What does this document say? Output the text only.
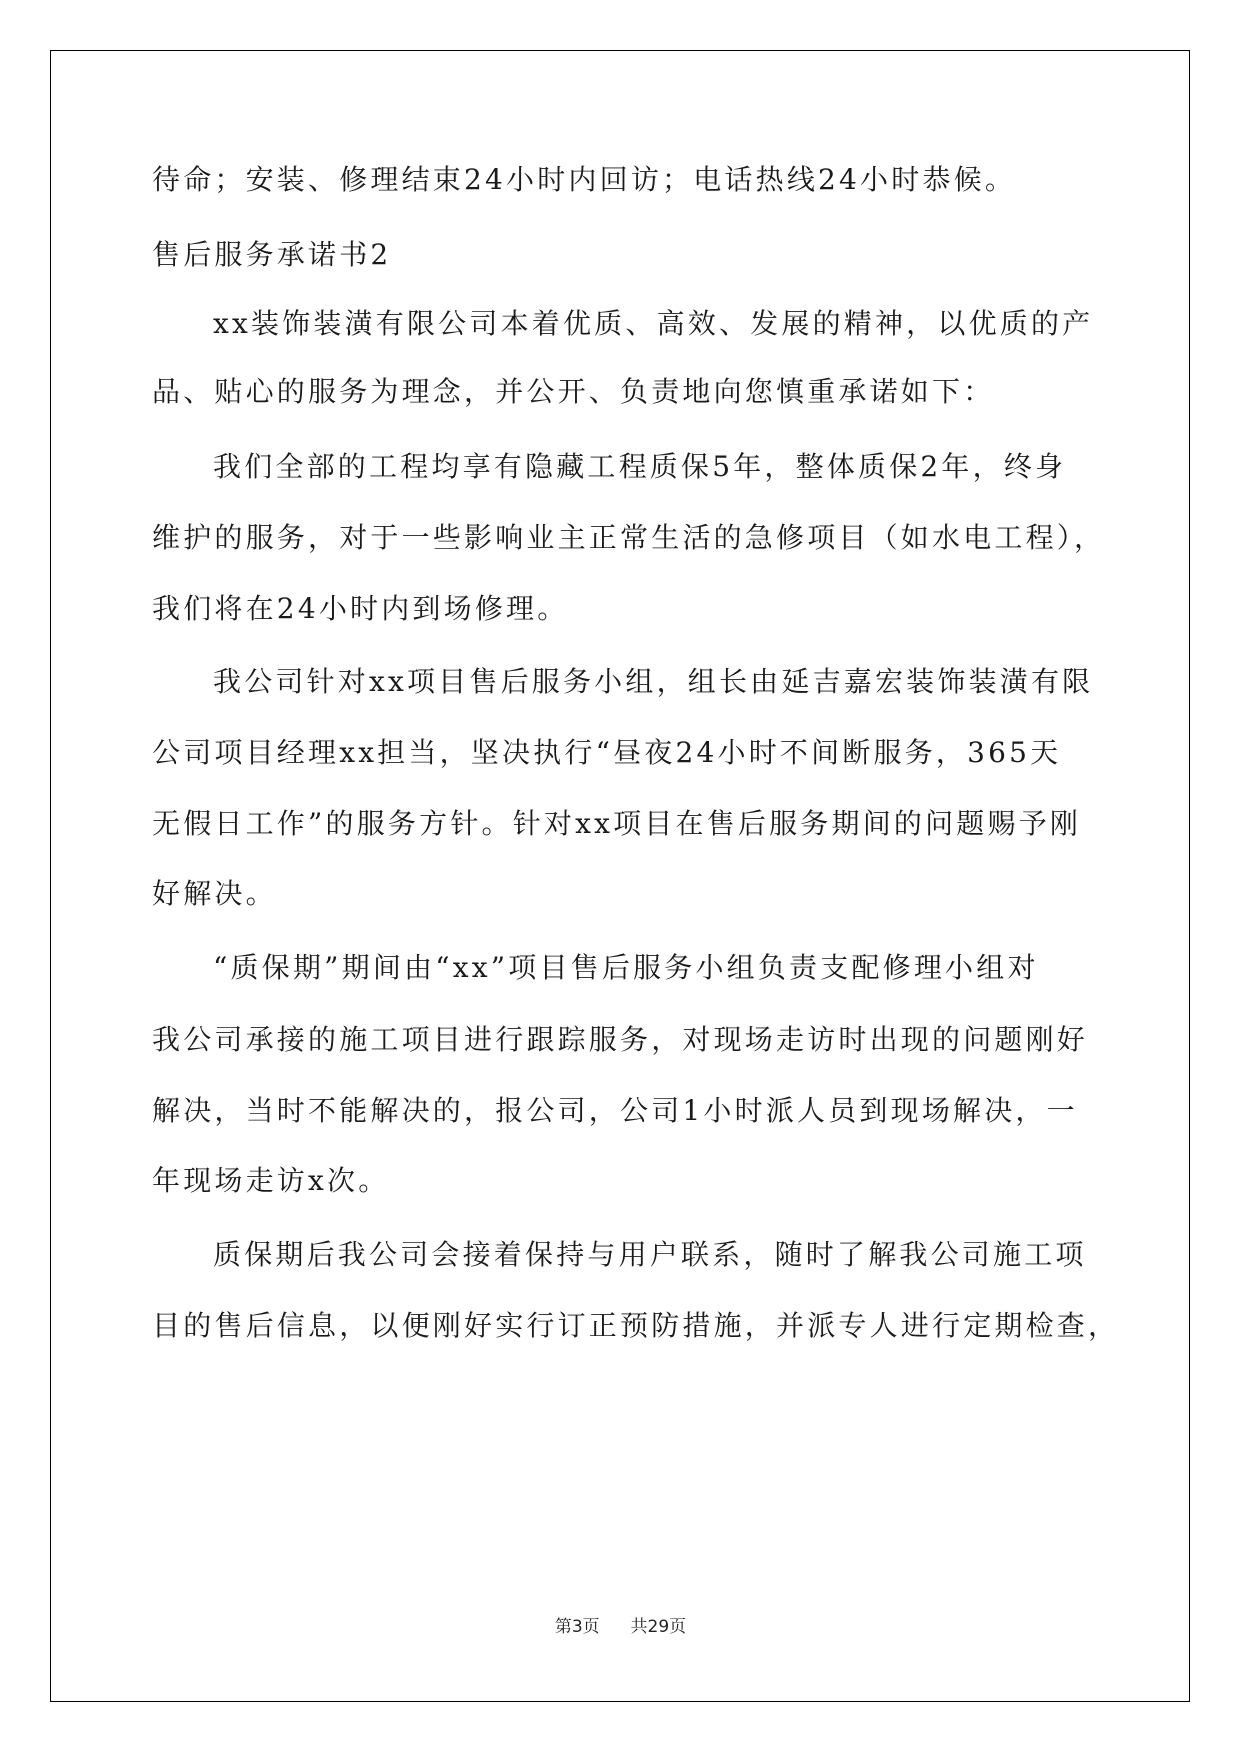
待命；安装、修理结束24小时内回访；电话热线24小时恭候。
售后服务承诺书2
xx装饰装潢有限公司本着优质、高效、发展的精神，以优质的产
品、贴心的服务为理念，并公开、负责地向您慎重承诺如下：
我们全部的工程均享有隐藏工程质保5年，整体质保2年，终身
维护的服务，对于一些影响业主正常生活的急修项目（如水电工程），
我们将在24小时内到场修理。
我公司针对xx项目售后服务小组，组长由延吉嘉宏装饰装潢有限
公司项目经理xx担当，坚决执行“昼夜24小时不间断服务，365天
无假日工作”的服务方针。针对xx项目在售后服务期间的问题赐予刚
好解决。
“质保期”期间由“xx”项目售后服务小组负责支配修理小组对
我公司承接的施工项目进行跟踪服务，对现场走访时出现的问题刚好
解决，当时不能解决的，报公司，公司1小时派人员到现场解决，一
年现场走访x次。
质保期后我公司会接着保持与用户联系，随时了解我公司施工项
目的售后信息，以便刚好实行订正预防措施，并派专人进行定期检查，
第3页 共29页
